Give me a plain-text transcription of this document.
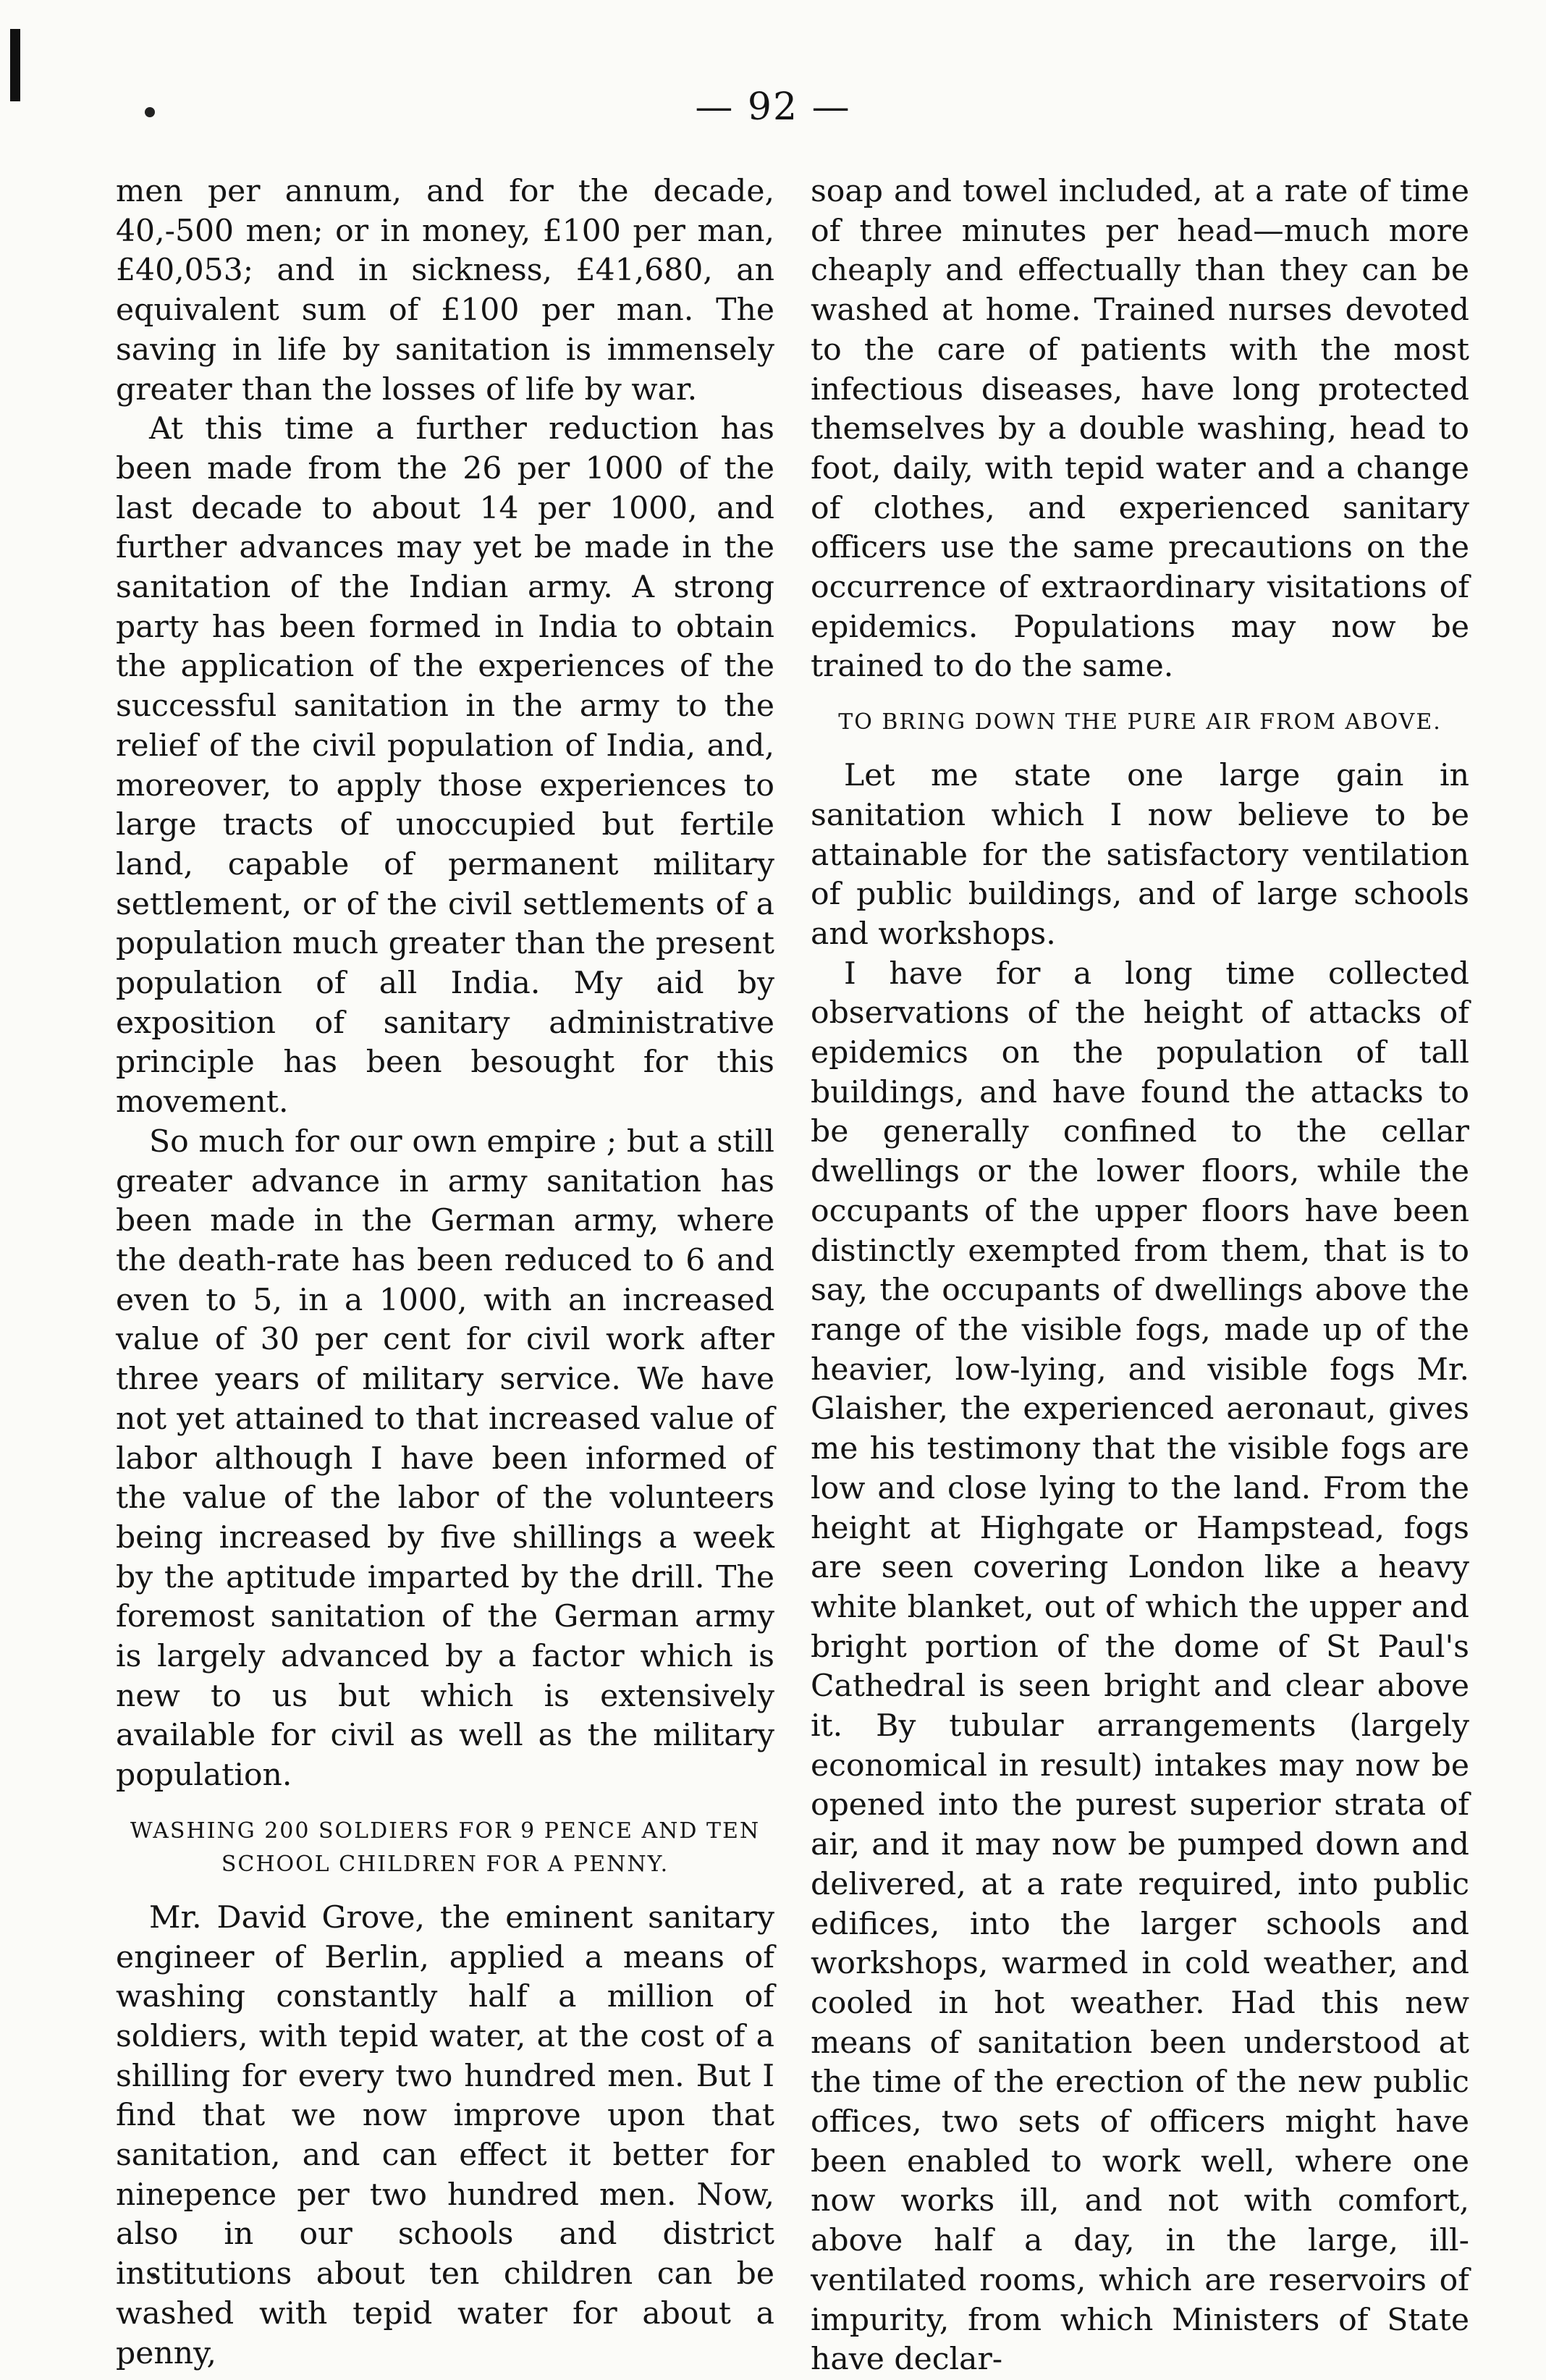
— 92 —

men per annum, and for the decade, 40,-500 men; or in money, £100 per man, £40,053; and in sickness, £41,680, an equivalent sum of £100 per man. The saving in life by sanitation is immensely greater than the losses of life by war.

At this time a further reduction has been made from the 26 per 1000 of the last decade to about 14 per 1000, and further advances may yet be made in the sanitation of the Indian army. A strong party has been formed in India to obtain the application of the experiences of the successful sanitation in the army to the relief of the civil population of India, and, moreover, to apply those experiences to large tracts of unoccupied but fertile land, capable of permanent military settlement, or of the civil settlements of a population much greater than the present population of all India. My aid by exposition of sanitary administrative principle has been besought for this movement.

So much for our own empire ; but a still greater advance in army sanitation has been made in the German army, where the death-rate has been reduced to 6 and even to 5, in a 1000, with an increased value of 30 per cent for civil work after three years of military service. We have not yet attained to that increased value of labor although I have been informed of the value of the labor of the volunteers being increased by five shillings a week by the aptitude imparted by the drill. The foremost sanitation of the German army is largely advanced by a factor which is new to us but which is extensively available for civil as well as the military population.

WASHING 200 SOLDIERS FOR 9 PENCE AND TEN SCHOOL CHILDREN FOR A PENNY.

Mr. David Grove, the eminent sanitary engineer of Berlin, applied a means of washing constantly half a million of soldiers, with tepid water, at the cost of a shilling for every two hundred men. But I find that we now improve upon that sanitation, and can effect it better for ninepence per two hundred men. Now, also in our schools and district institutions about ten children can be washed with tepid water for about a penny,

soap and towel included, at a rate of time of three minutes per head—much more cheaply and effectually than they can be washed at home. Trained nurses devoted to the care of patients with the most infectious diseases, have long protected themselves by a double washing, head to foot, daily, with tepid water and a change of clothes, and experienced sanitary officers use the same precautions on the occurrence of extraordinary visitations of epidemics. Populations may now be trained to do the same.

TO BRING DOWN THE PURE AIR FROM ABOVE.

Let me state one large gain in sanitation which I now believe to be attainable for the satisfactory ventilation of public buildings, and of large schools and workshops.

I have for a long time collected observations of the height of attacks of epidemics on the population of tall buildings, and have found the attacks to be generally confined to the cellar dwellings or the lower floors, while the occupants of the upper floors have been distinctly exempted from them, that is to say, the occupants of dwellings above the range of the visible fogs, made up of the heavier, low-lying, and visible fogs Mr. Glaisher, the experienced aeronaut, gives me his testimony that the visible fogs are low and close lying to the land. From the height at Highgate or Hampstead, fogs are seen covering London like a heavy white blanket, out of which the upper and bright portion of the dome of St Paul's Cathedral is seen bright and clear above it. By tubular arrangements (largely economical in result) intakes may now be opened into the purest superior strata of air, and it may now be pumped down and delivered, at a rate required, into public edifices, into the larger schools and workshops, warmed in cold weather, and cooled in hot weather. Had this new means of sanitation been understood at the time of the erection of the new public offices, two sets of officers might have been enabled to work well, where one now works ill, and not with comfort, above half a day, in the large, ill-ventilated rooms, which are reservoirs of impurity, from which Ministers of State have declar-
